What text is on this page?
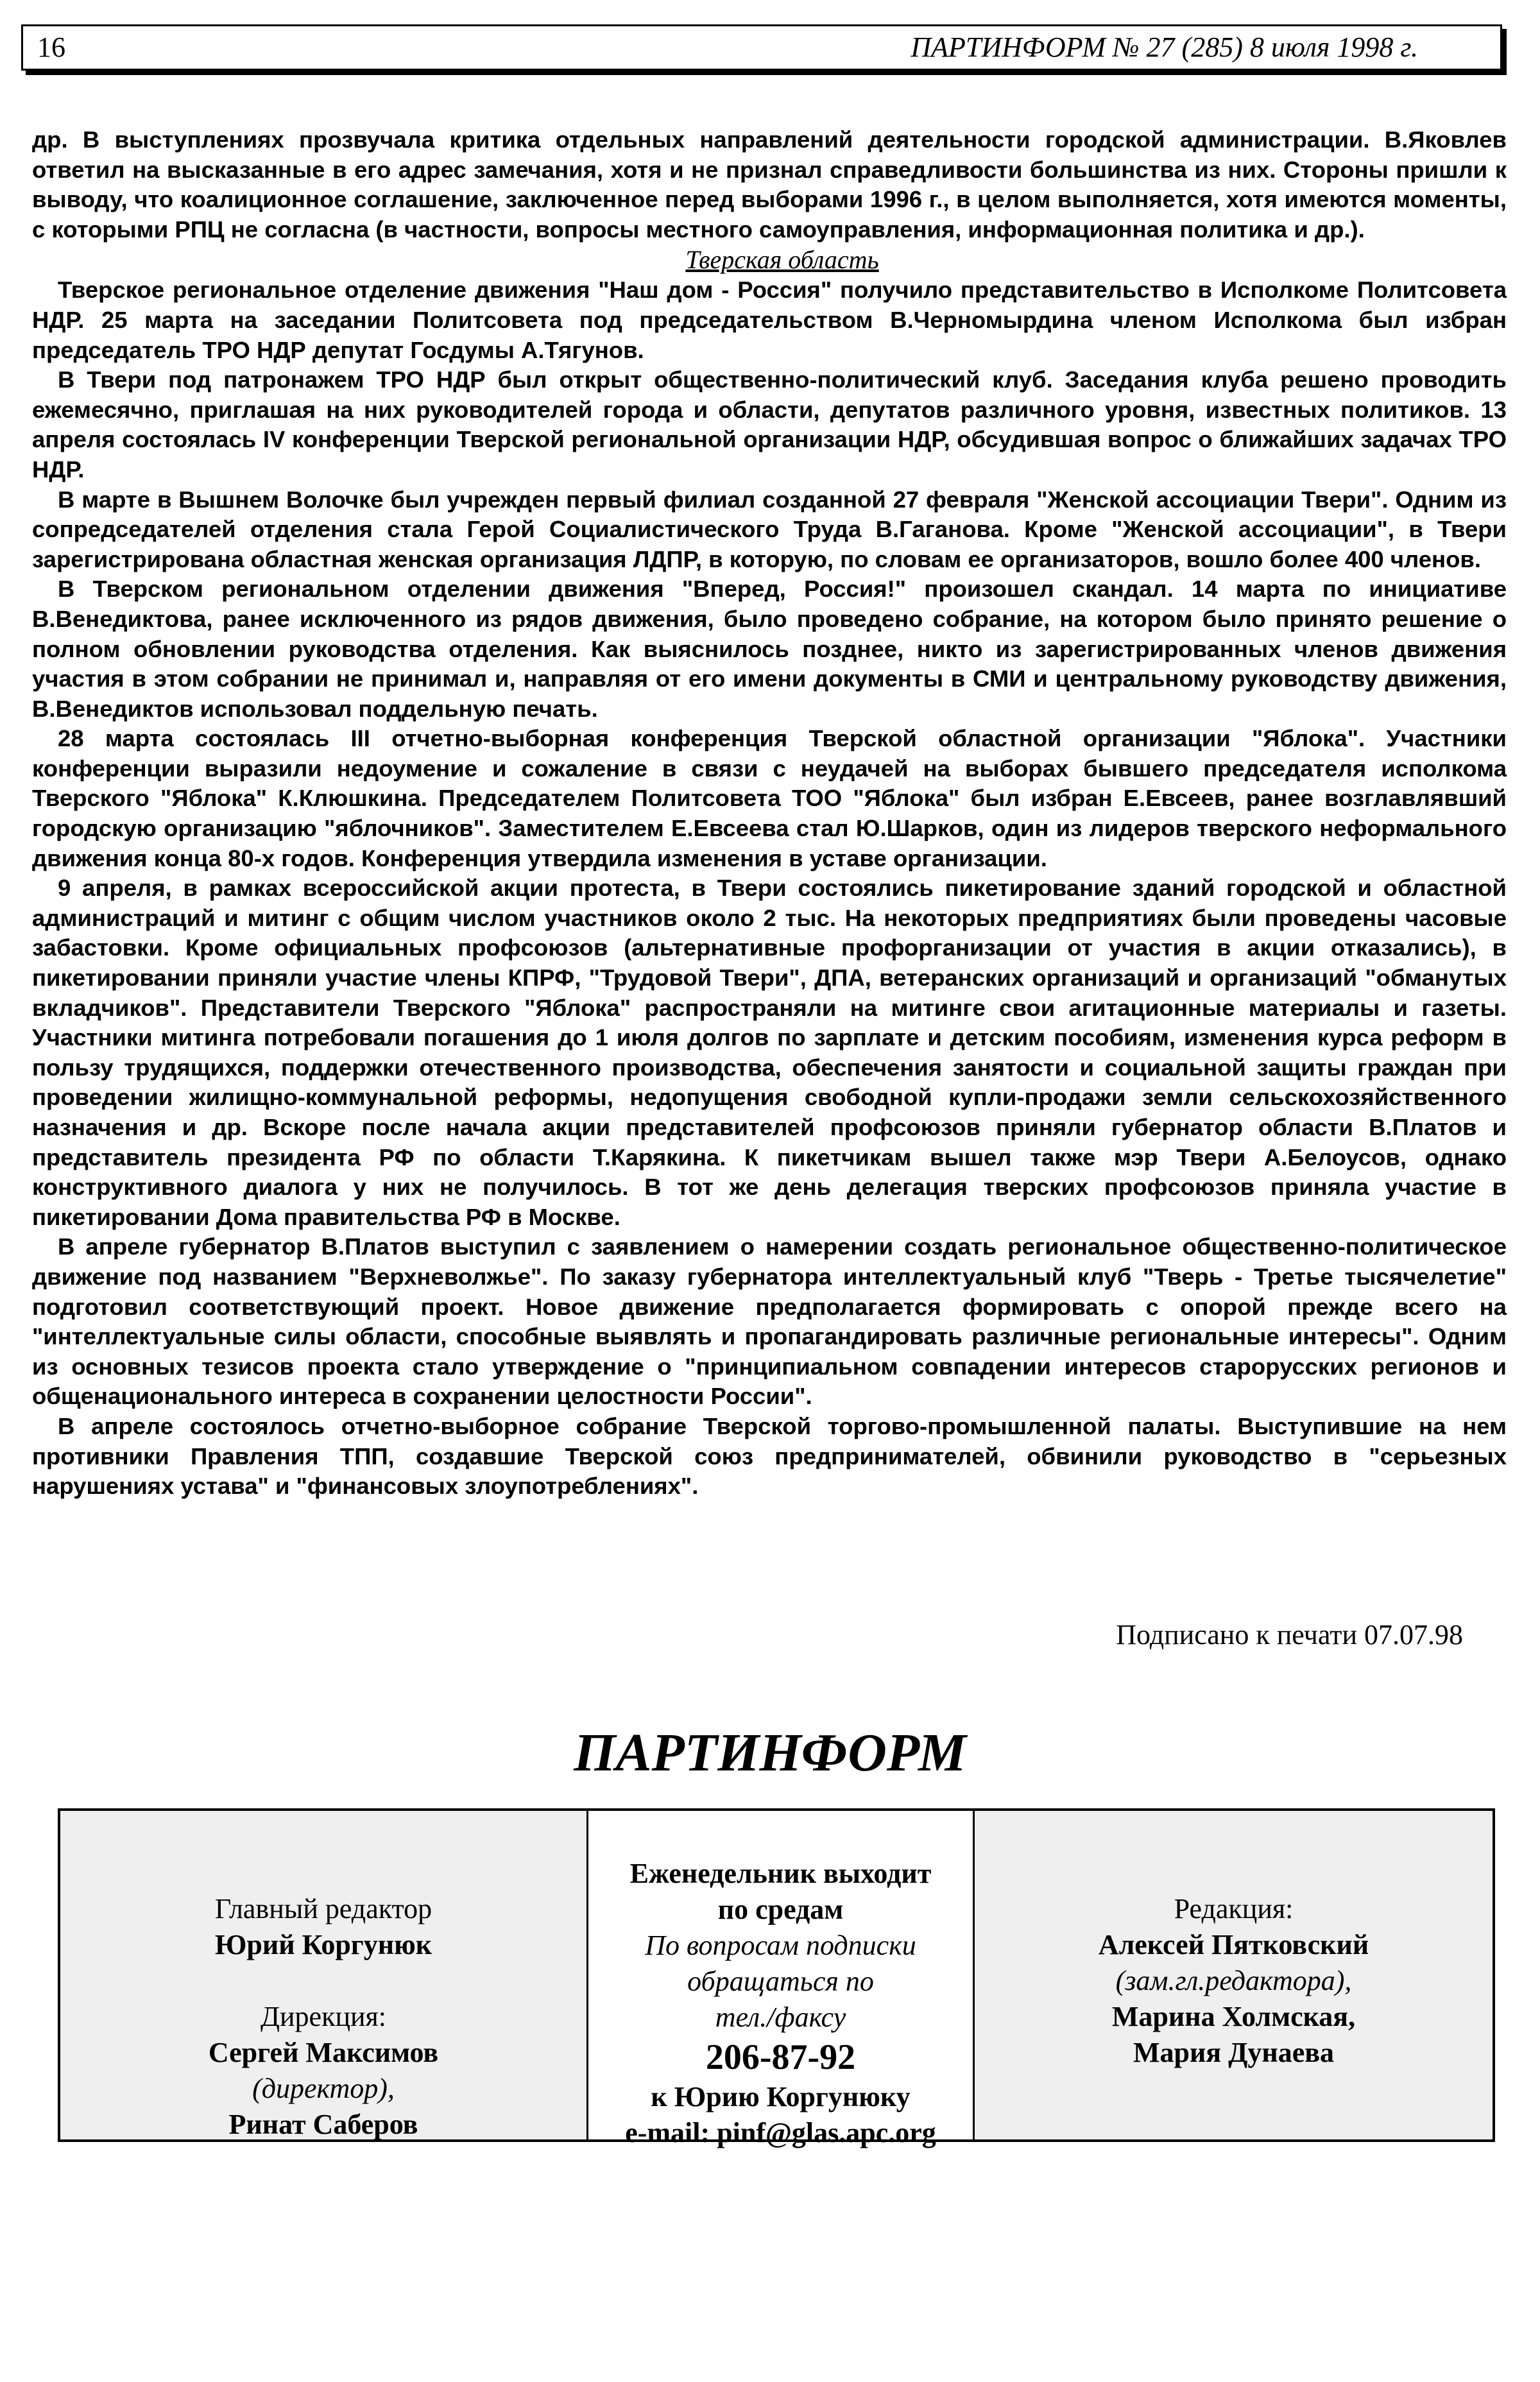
16	ПАРТИНФОРМ № 27 (285) 8 июля 1998 г.

др. В выступлениях прозвучала критика отдельных направлений деятельности городской администрации. В.Яковлев ответил на высказанные в его адрес замечания, хотя и не признал справедливости большинства из них. Стороны пришли к выводу, что коалиционное соглашение, заключенное перед выборами 1996 г., в целом выполняется, хотя имеются моменты, с которыми РПЦ не согласна (в частности, вопросы местного самоуправления, информационная политика и др.).

Тверская область

Тверское региональное отделение движения "Наш дом - Россия" получило представительство в Исполкоме Политсовета НДР. 25 марта на заседании Политсовета под председательством В.Черномырдина членом Исполкома был избран председатель ТРО НДР депутат Госдумы А.Тягунов.

В Твери под патронажем ТРО НДР был открыт общественно-политический клуб. Заседания клуба решено проводить ежемесячно, приглашая на них руководителей города и области, депутатов различного уровня, известных политиков. 13 апреля состоялась IV конференции Тверской региональной организации НДР, обсудившая вопрос о ближайших задачах ТРО НДР.

В марте в Вышнем Волочке был учрежден первый филиал созданной 27 февраля "Женской ассоциации Твери". Одним из сопредседателей отделения стала Герой Социалистического Труда В.Гаганова. Кроме "Женской ассоциации", в Твери зарегистрирована областная женская организация ЛДПР, в которую, по словам ее организаторов, вошло более 400 членов.

В Тверском региональном отделении движения "Вперед, Россия!" произошел скандал. 14 марта по инициативе В.Венедиктова, ранее исключенного из рядов движения, было проведено собрание, на котором было принято решение о полном обновлении руководства отделения. Как выяснилось позднее, никто из зарегистрированных членов движения участия в этом собрании не принимал и, направляя от его имени документы в СМИ и центральному руководству движения, В.Венедиктов использовал поддельную печать.

28 марта состоялась III отчетно-выборная конференция Тверской областной организации "Яблока". Участники конференции выразили недоумение и сожаление в связи с неудачей на выборах бывшего председателя исполкома Тверского "Яблока" К.Клюшкина. Председателем Политсовета ТОО "Яблока" был избран Е.Евсеев, ранее возглавлявший городскую организацию "яблочников". Заместителем Е.Евсеева стал Ю.Шарков, один из лидеров тверского неформального движения конца 80-х годов. Конференция утвердила изменения в уставе организации.

9 апреля, в рамках всероссийской акции протеста, в Твери состоялись пикетирование зданий городской и областной администраций и митинг с общим числом участников около 2 тыс. На некоторых предприятиях были проведены часовые забастовки. Кроме официальных профсоюзов (альтернативные профорганизации от участия в акции отказались), в пикетировании приняли участие члены КПРФ, "Трудовой Твери", ДПА, ветеранских организаций и организаций "обманутых вкладчиков". Представители Тверского "Яблока" распространяли на митинге свои агитационные материалы и газеты. Участники митинга потребовали погашения до 1 июля долгов по зарплате и детским пособиям, изменения курса реформ в пользу трудящихся, поддержки отечественного производства, обеспечения занятости и социальной защиты граждан при проведении жилищно-коммунальной реформы, недопущения свободной купли-продажи земли сельскохозяйственного назначения и др. Вскоре после начала акции представителей профсоюзов приняли губернатор области В.Платов и представитель президента РФ по области Т.Карякина. К пикетчикам вышел также мэр Твери А.Белоусов, однако конструктивного диалога у них не получилось. В тот же день делегация тверских профсоюзов приняла участие в пикетировании Дома правительства РФ в Москве.

В апреле губернатор В.Платов выступил с заявлением о намерении создать региональное общественно-политическое движение под названием "Верхневолжье". По заказу губернатора интеллектуальный клуб "Тверь - Третье тысячелетие" подготовил соответствующий проект. Новое движение предполагается формировать с опорой прежде всего на "интеллектуальные силы области, способные выявлять и пропагандировать различные региональные интересы". Одним из основных тезисов проекта стало утверждение о "принципиальном совпадении интересов старорусских регионов и общенационального интереса в сохранении целостности России".

В апреле состоялось отчетно-выборное собрание Тверской торгово-промышленной палаты. Выступившие на нем противники Правления ТПП, создавшие Тверской союз предпринимателей, обвинили руководство в "серьезных нарушениях устава" и "финансовых злоупотреблениях".

Подписано к печати 07.07.98
ПАРТИНФОРМ
Главный редактор
Юрий Коргунюк
Дирекция:
Сергей Максимов
(директор),
Ринат Саберов
Еженедельник выходит
по средам
По вопросам подписки
обращаться по
тел./факсу
206-87-92
к Юрию Коргунюку
e-mail: pinf@glas.apc.org
Редакция:
Алексей Пятковский
(зам.гл.редактора),
Марина Холмская,
Мария Дунаева
